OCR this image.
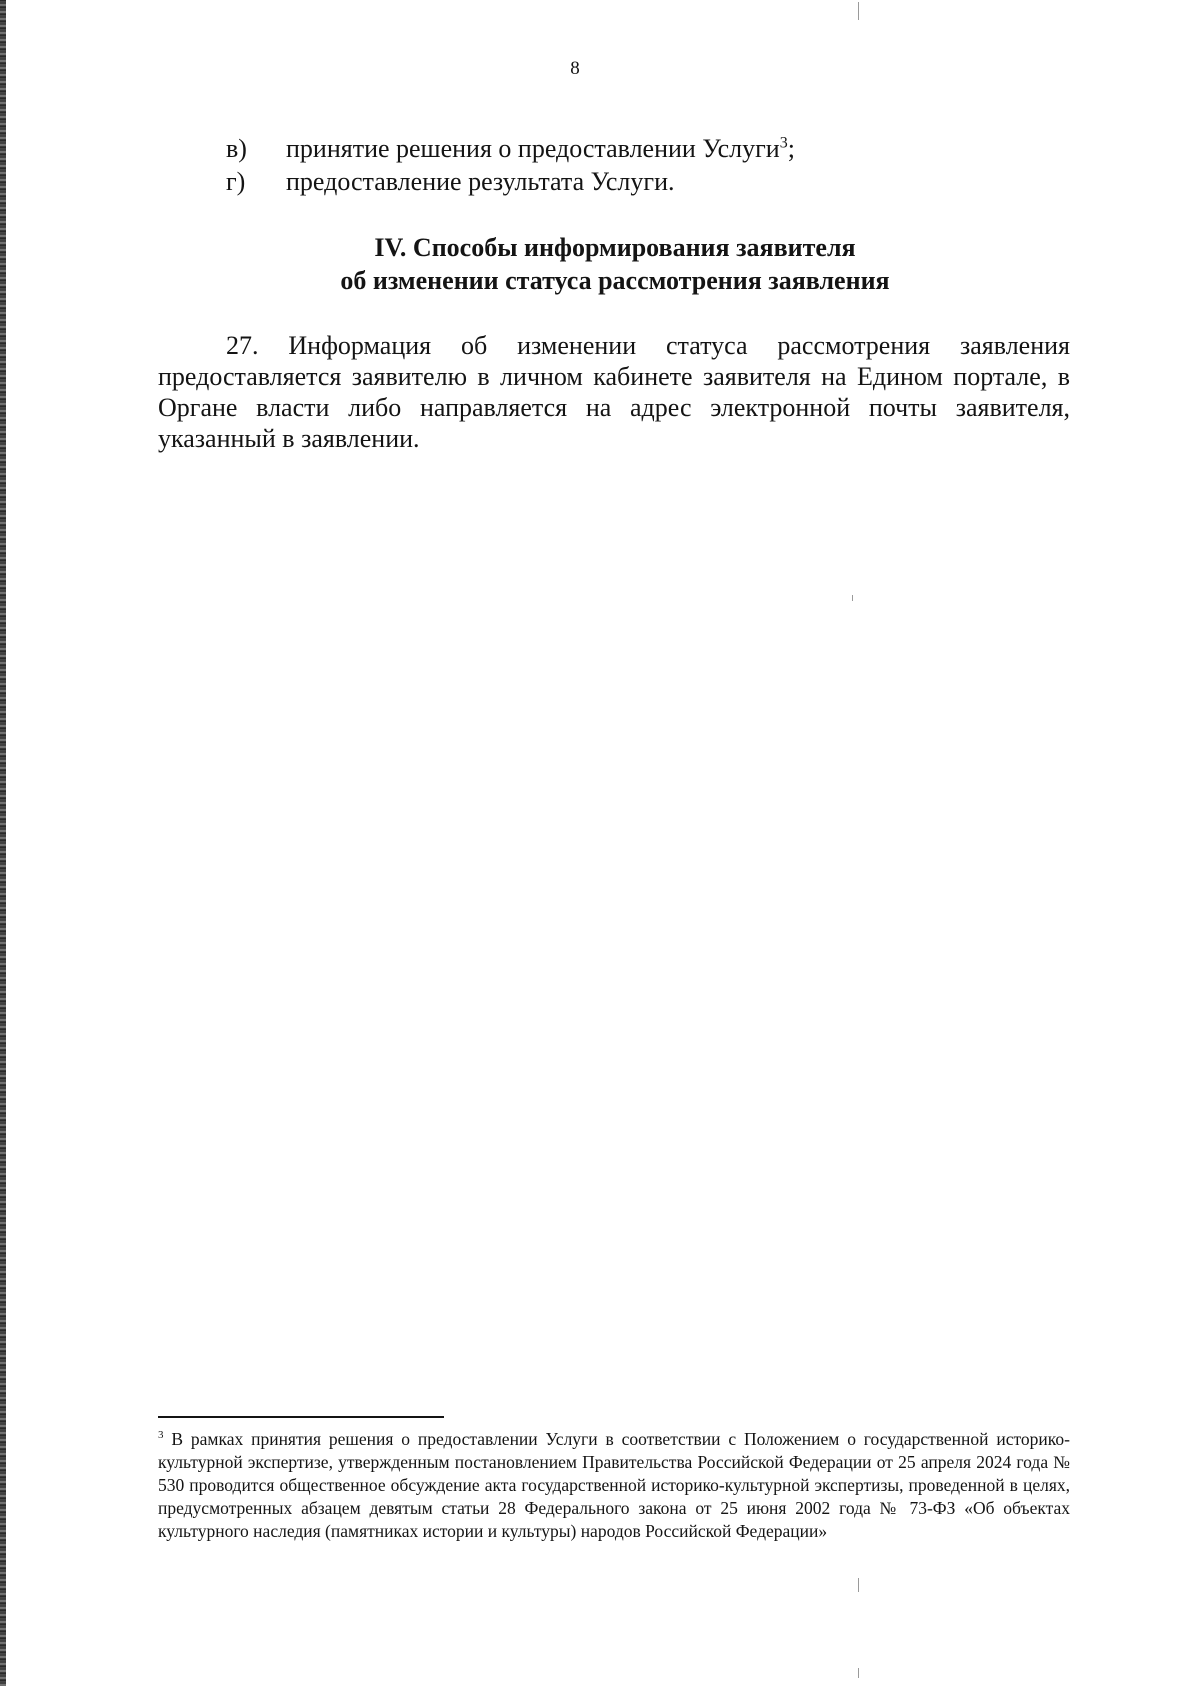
8
в) принятие решения о предоставлении Услуги$^3$;
г) предоставление результата Услуги.
IV. Способы информирования заявителя
об изменении статуса рассмотрения заявления
27. Информация об изменении статуса рассмотрения заявления предоставляется заявителю в личном кабинете заявителя на Едином портале, в Органе власти либо направляется на адрес электронной почты заявителя, указанный в заявлении.
$^3$ В рамках принятия решения о предоставлении Услуги в соответствии с Положением о государственной историко-культурной экспертизе, утвержденным постановлением Правительства Российской Федерации от 25 апреля 2024 года № 530 проводится общественное обсуждение акта государственной историко-культурной экспертизы, проведенной в целях, предусмотренных абзацем девятым статьи 28 Федерального закона от 25 июня 2002 года № 73-ФЗ «Об объектах культурного наследия (памятниках истории и культуры) народов Российской Федерации»
